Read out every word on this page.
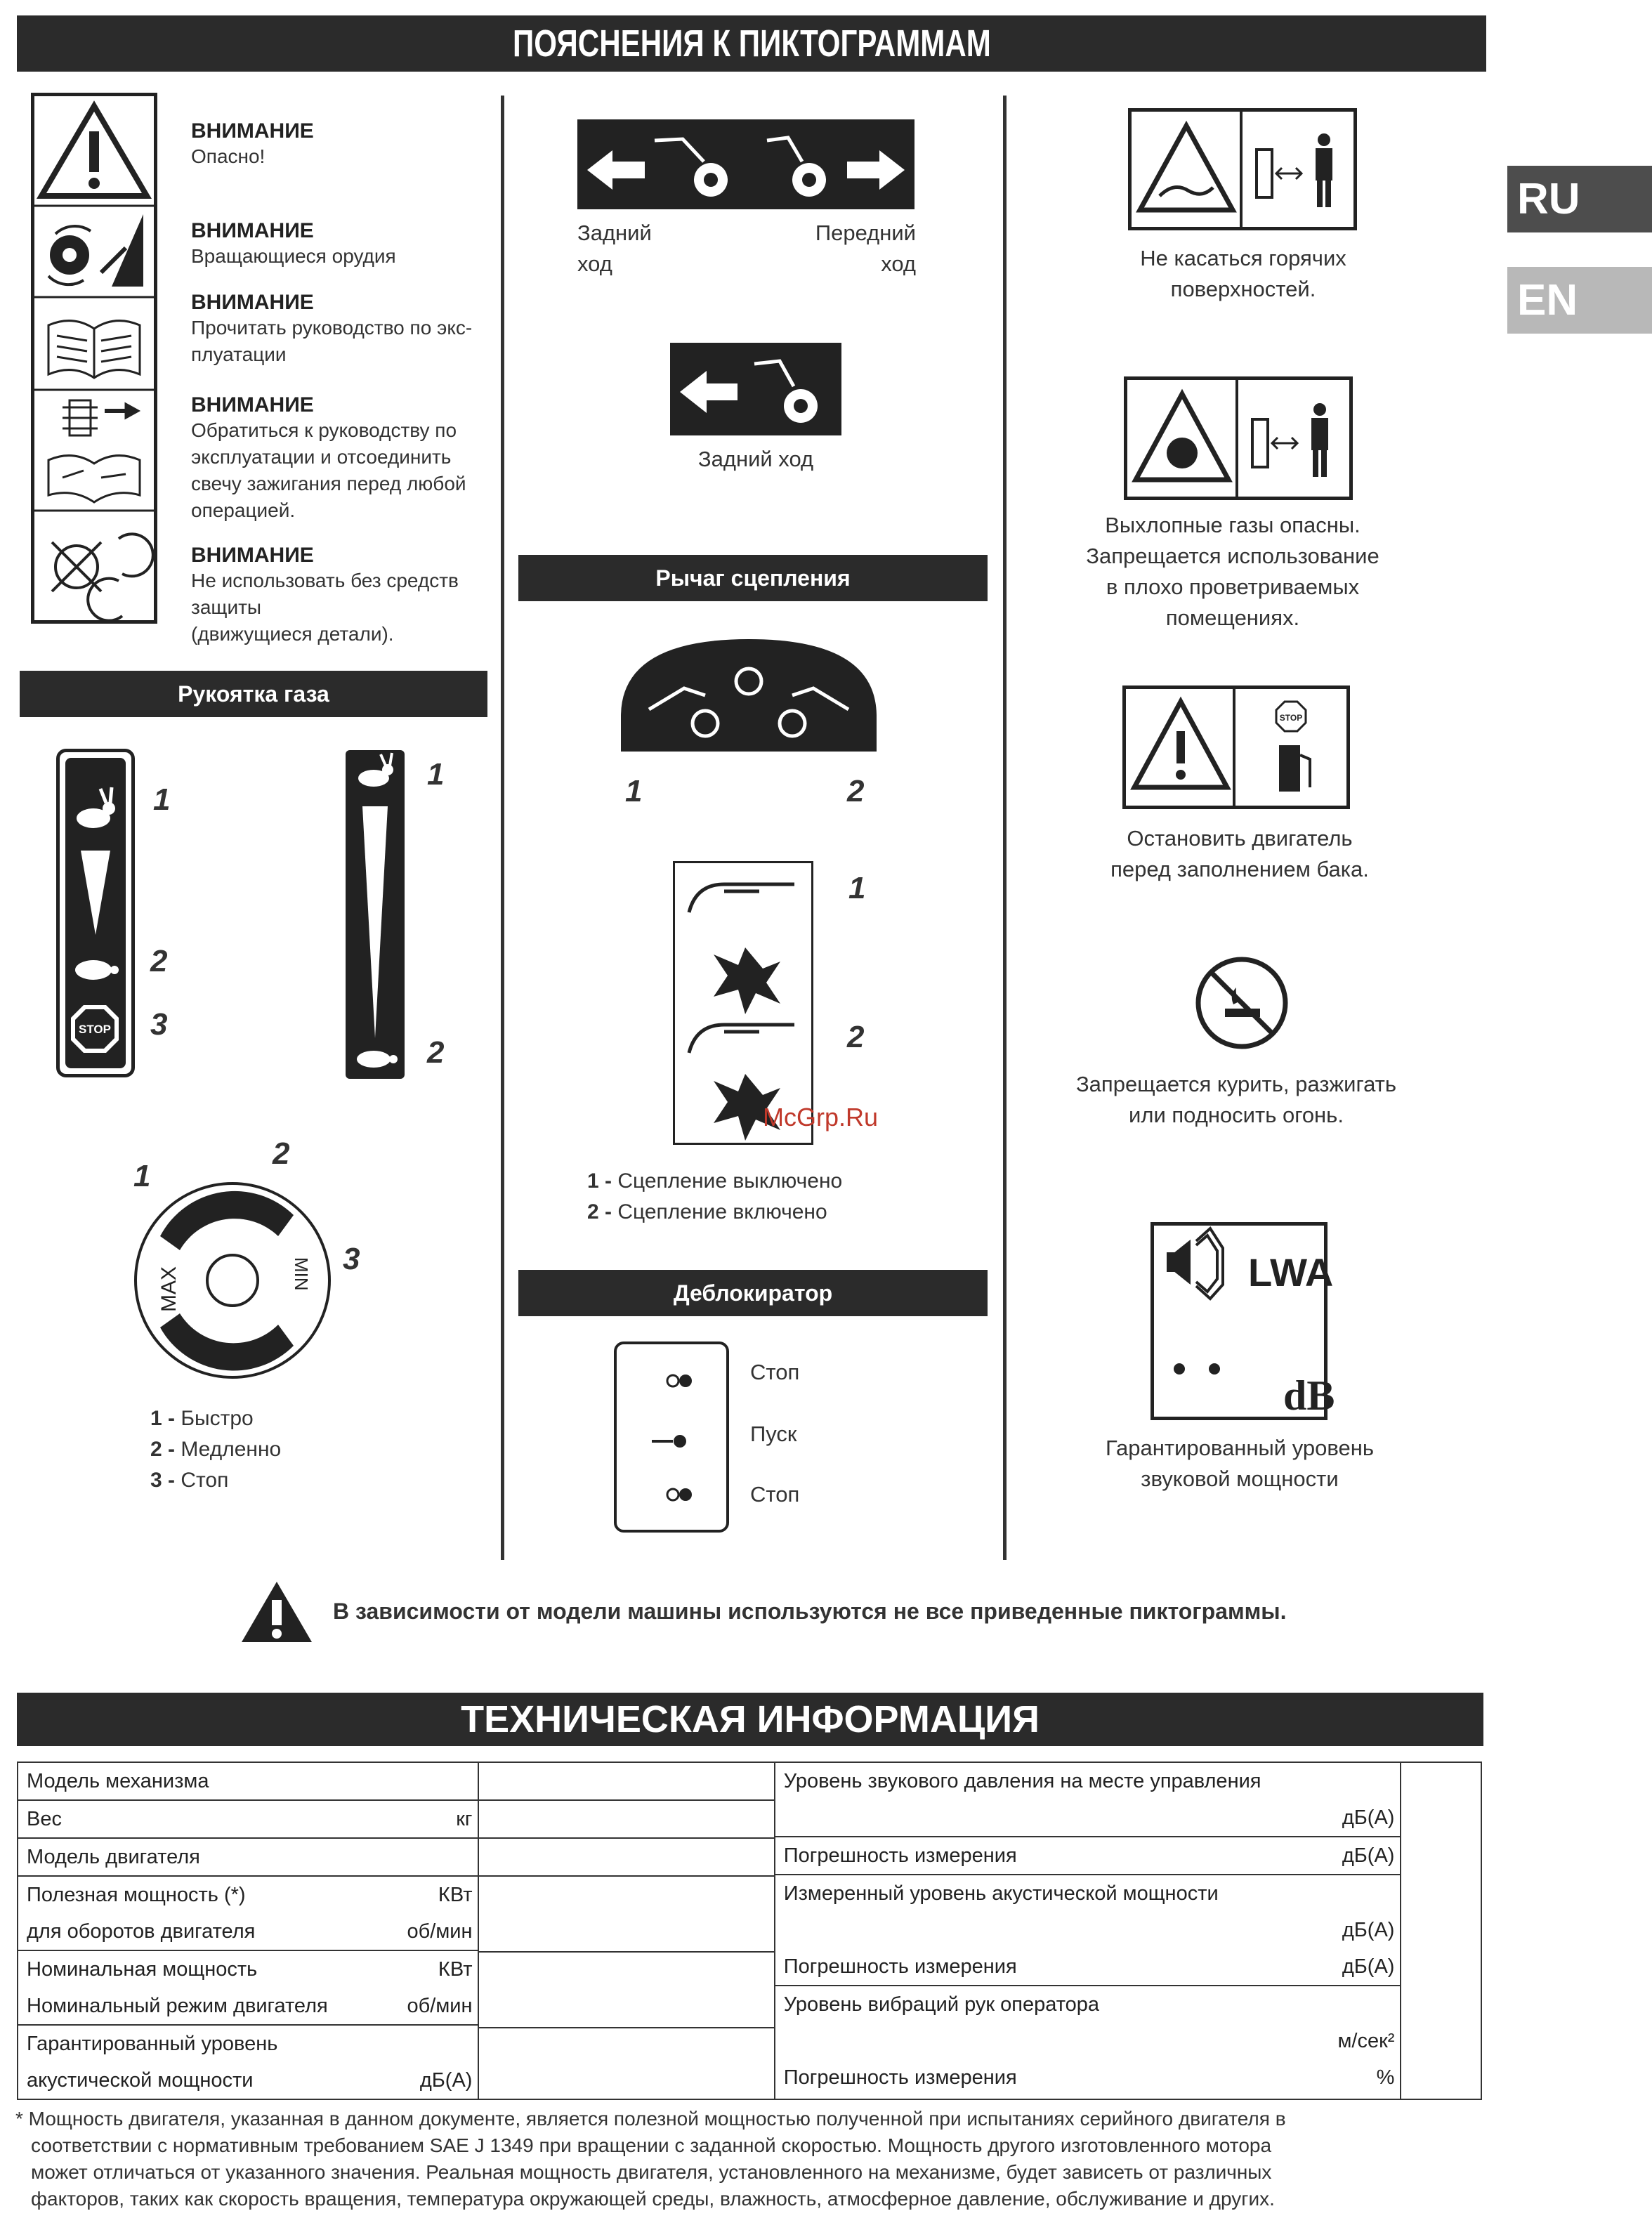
ПОЯСНЕНИЯ К ПИКТОГРАММАМ
RU
EN
ВНИМАНИЕ
Опасно!
ВНИМАНИЕ
Вращающиеся орудия
ВНИМАНИЕ
Прочитать руководство по экс-
плуатации
ВНИМАНИЕ
Обратиться к руководству по
эксплуатации и отсоединить
свечу зажигания перед любой
операцией.
ВНИМАНИЕ
Не использовать без средств
защиты
(движущиеся детали).
Рукоятка газа
STOP
1
2
3
1
2
1
2
3
MAX	MIN
1 - Быстро
2 - Медленно
3 - Стоп
Задний
ход
Передний
ход
Задний ход
Рычаг сцепления
1	2
1
2
McGrp.Ru
1 - Сцепление выключено
2 - Сцепление включено
Деблокиратор
Стоп
Пуск
Стоп
Не касаться горячих
поверхностей.
Выхлопные газы опасны.
Запрещается использование
в плохо проветриваемых
помещениях.
STOP
Остановить двигатель
перед заполнением бака.
Запрещается курить, разжигать
или подносить огонь.
LWA
dB
Гарантированный уровень
звуковой мощности
В зависимости от модели машины используются не все приведенные пиктограммы.
ТЕХНИЧЕСКАЯ ИНФОРМАЦИЯ
Модель механизма
Вес	кг
Модель двигателя
Полезная мощность (*)	КВт
для оборотов двигателя	об/мин
Номинальная мощность	КВт
Номинальный режим двигателя	об/мин
Гарантированный уровень
акустической мощности	дБ(A)

Уровень звукового давления на месте управления
дБ(A)
Погрешность измерения	дБ(A)
Измеренный уровень акустической мощности
дБ(A)
Погрешность измерения	дБ(A)
Уровень вибраций рук оператора
м/сек²
Погрешность измерения	%

* Мощность двигателя, указанная в данном документе, является полезной мощностью полученной при испытаниях серийного двигателя в
соответствии с нормативным требованием SAE J 1349 при вращении с заданной скоростью. Мощность другого изготовленного мотора
может отличаться от указанного значения. Реальная мощность двигателя, установленного на механизме, будет зависеть от различных
факторов, таких как скорость вращения, температура окружающей среды, влажность, атмосферное давление, обслуживание и других.
